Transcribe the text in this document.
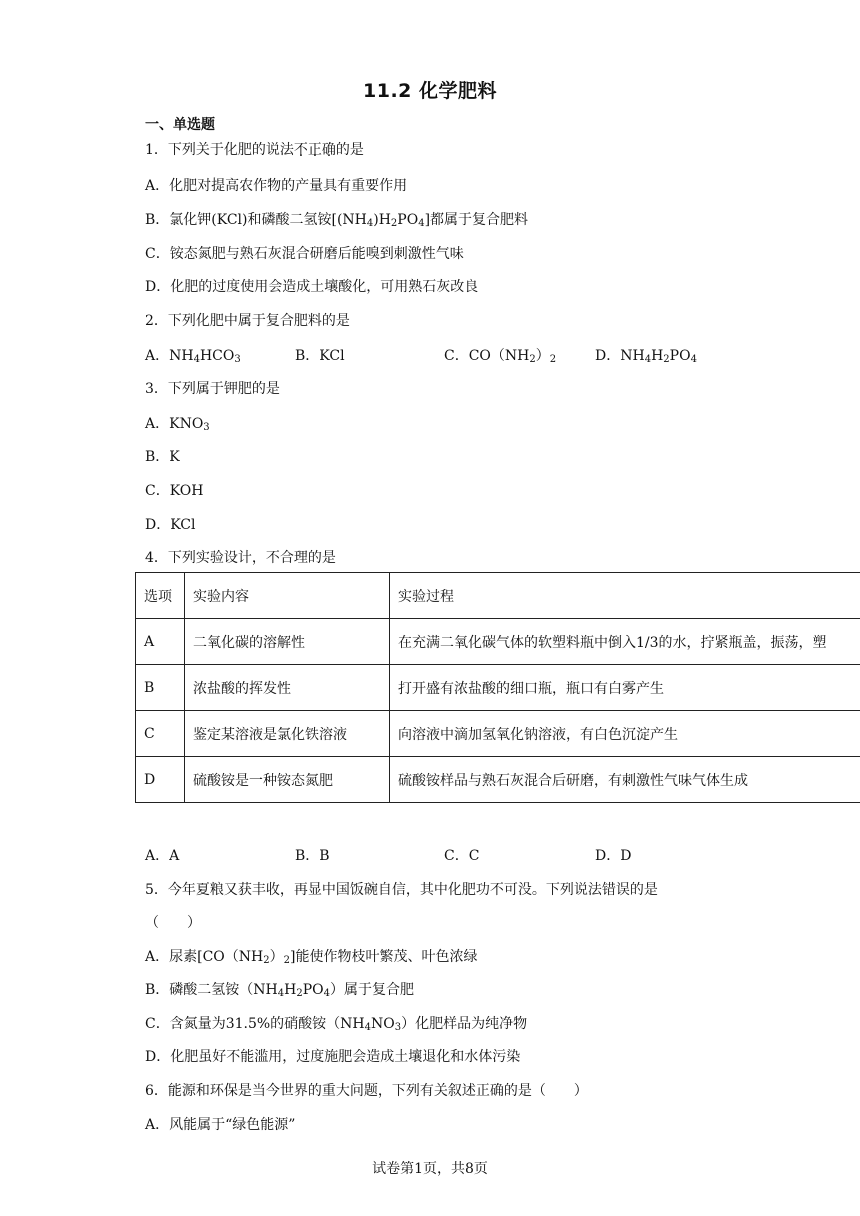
11.2 化学肥料
一、单选题
1．下列关于化肥的说法不正确的是
A．化肥对提高农作物的产量具有重要作用
B．氯化钾(KCl)和磷酸二氢铵$[(NH_4)H_2PO_4]$都属于复合肥料
C．铵态氮肥与熟石灰混合研磨后能嗅到刺激性气味
D．化肥的过度使用会造成土壤酸化，可用熟石灰改良
2．下列化肥中属于复合肥料的是
A．$NH_4HCO_3$	B．KCl	C．$CO(NH_2)_2$	D．$NH_4H_2PO_4$
3．下列属于钾肥的是
A．$KNO_3$
B．K
C．KOH
D．KCl
4．下列实验设计，不合理的是
选项	实验内容	实验过程
A	二氧化碳的溶解性	在充满二氧化碳气体的软塑料瓶中倒入1/3的水，拧紧瓶盖，振荡，塑
B	浓盐酸的挥发性	打开盛有浓盐酸的细口瓶，瓶口有白雾产生
C	鉴定某溶液是氯化铁溶液	向溶液中滴加氢氧化钠溶液，有白色沉淀产生
D	硫酸铵是一种铵态氮肥	硫酸铵样品与熟石灰混合后研磨，有刺激性气味气体生成
A．A	B．B	C．C	D．D
5．今年夏粮又获丰收，再显中国饭碗自信，其中化肥功不可没。下列说法错误的是
（　　）
A．尿素$[CO(NH_2)_2]$能使作物枝叶繁茂、叶色浓绿
B．磷酸二氢铵$(NH_4H_2PO_4)$属于复合肥
C．含氮量为31.5%的硝酸铵$(NH_4NO_3)$化肥样品为纯净物
D．化肥虽好不能滥用，过度施肥会造成土壤退化和水体污染
6．能源和环保是当今世界的重大问题，下列有关叙述正确的是（　　）
A．风能属于“绿色能源”
试卷第1页，共8页
